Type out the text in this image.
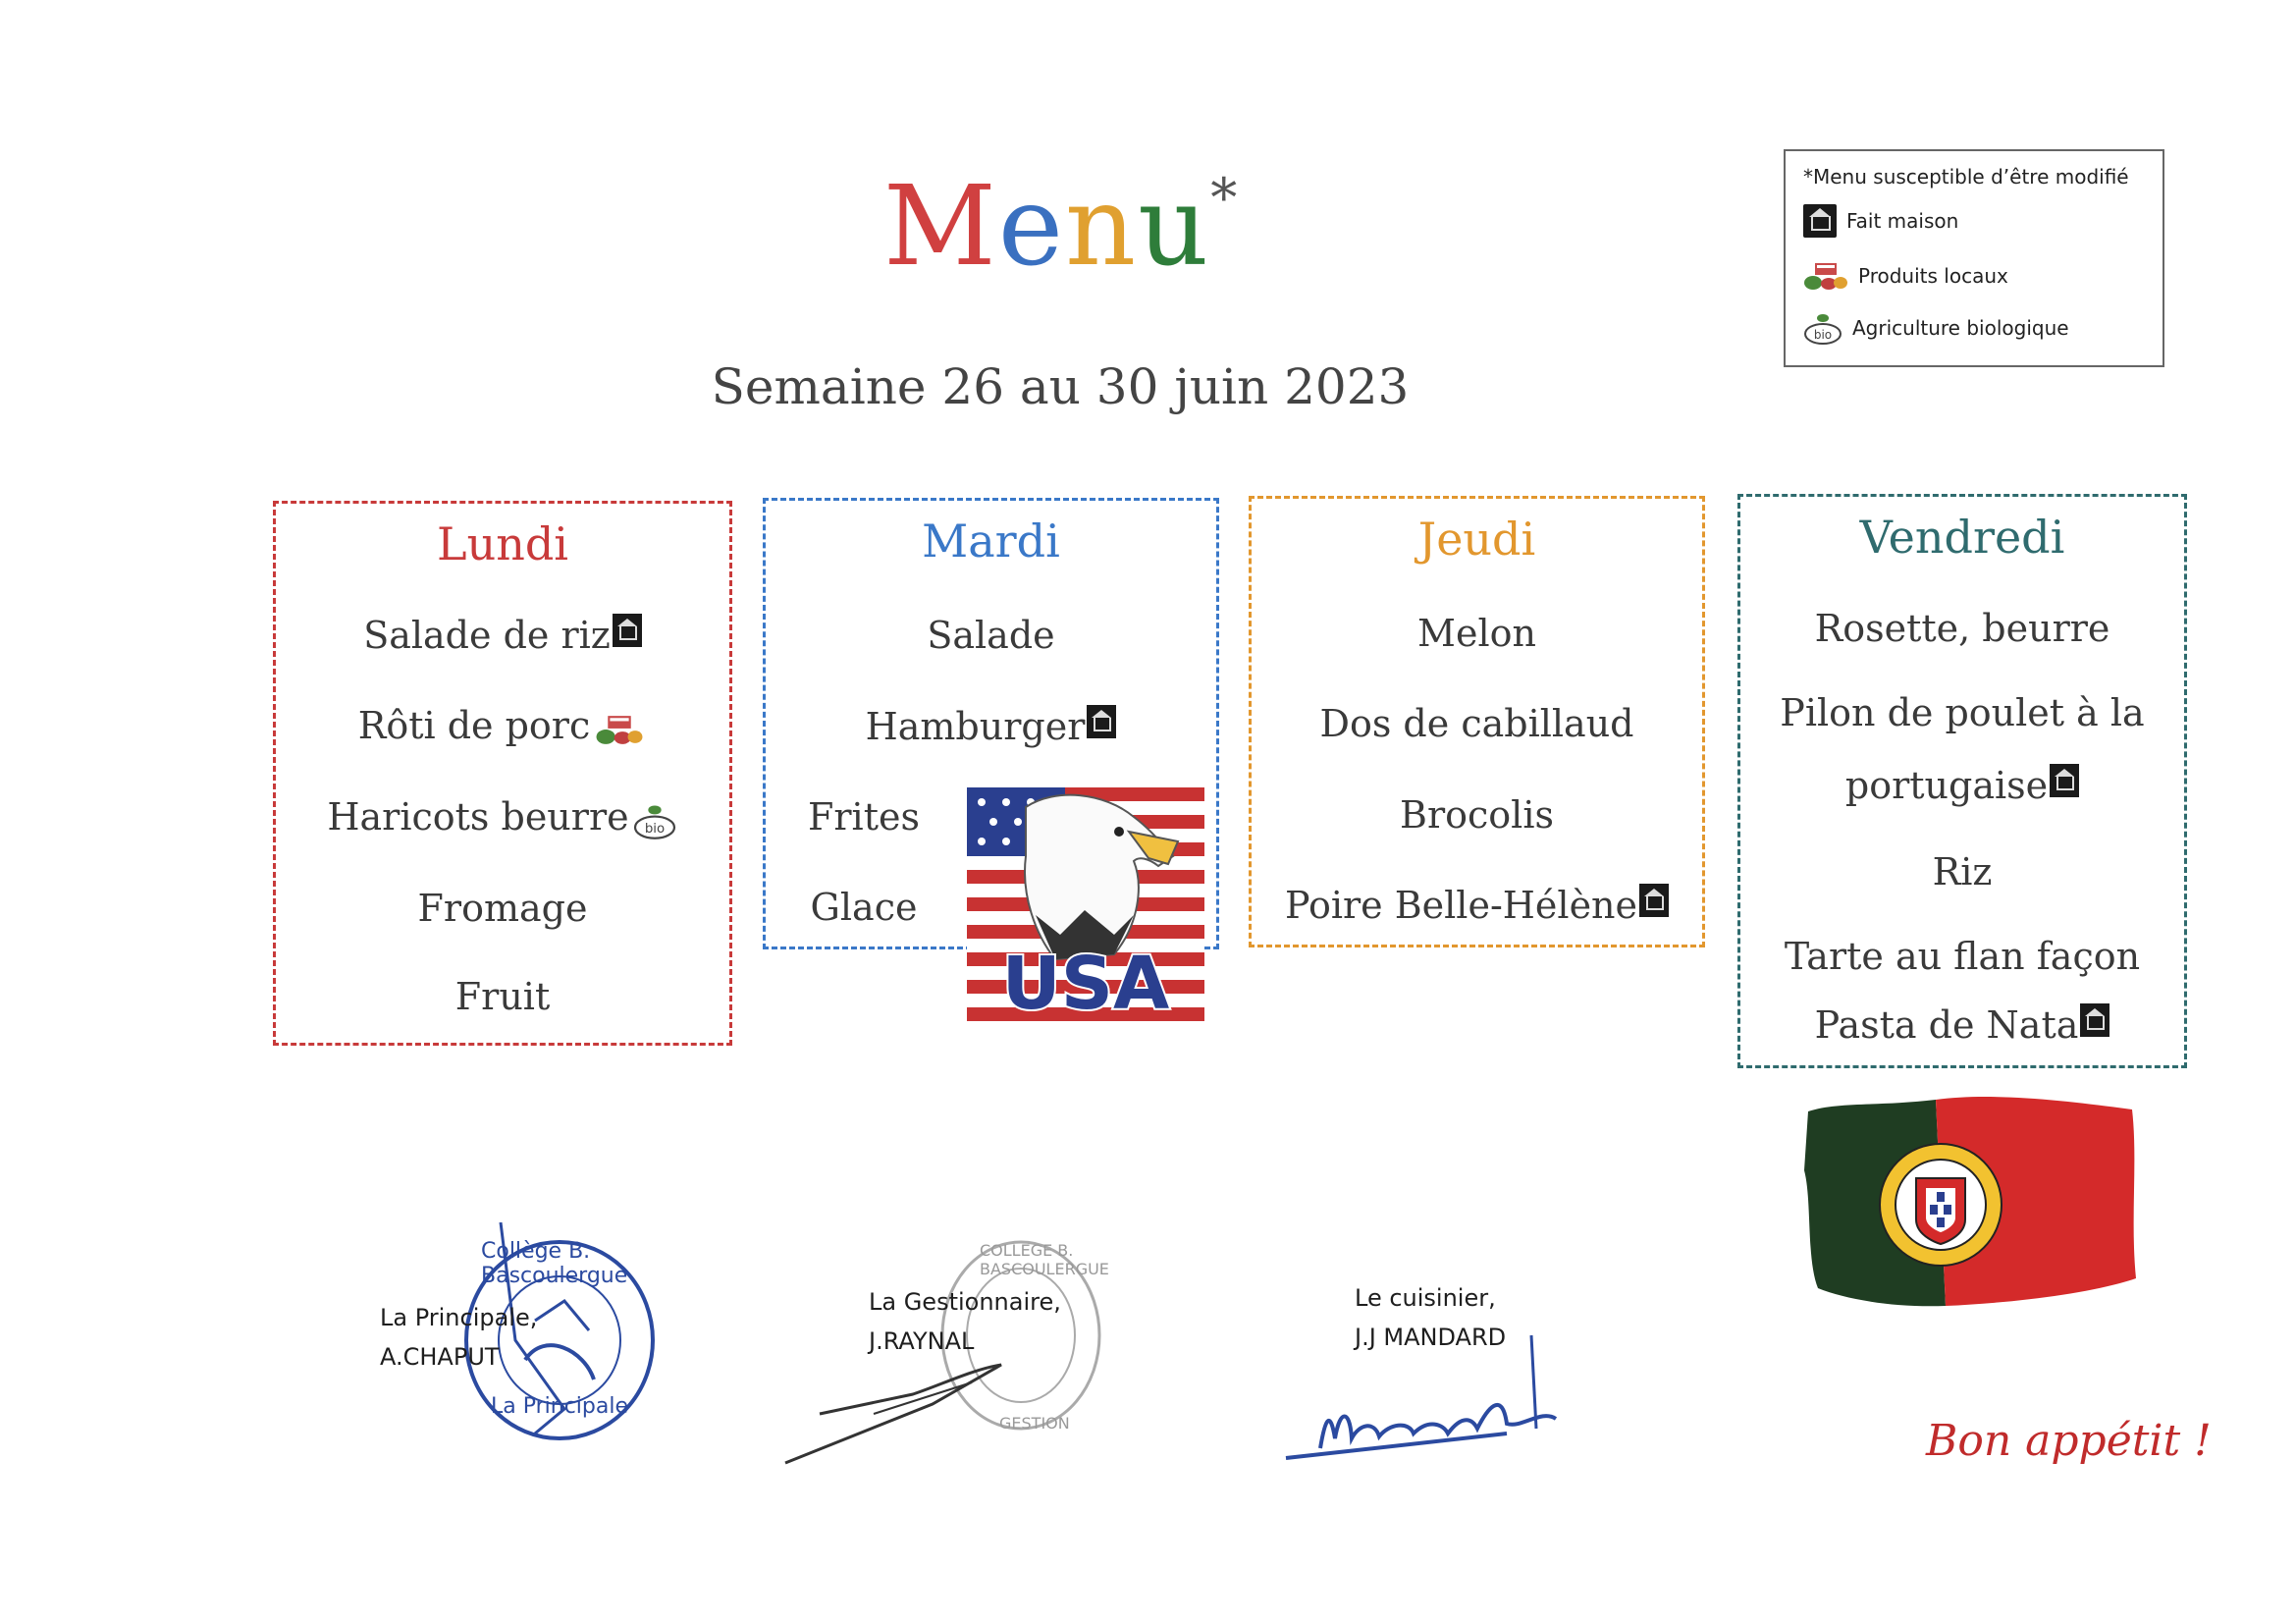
Menu*
Semaine 26 au 30 juin 2023
*Menu susceptible d’être modifié
Fait maison
Produits locaux
bio Agriculture biologique
Lundi
Salade de riz
Rôti de porc
Haricots beurre bio
Fromage
Fruit
Mardi
Salade
Hamburger
Frites
Glace
USA
Jeudi
Melon
Dos de cabillaud
Brocolis
Poire Belle-Hélène
Vendredi
Rosette, beurre
Pilon de poulet à la
portugaise
Riz
Tarte au flan façon
Pasta de Nata
Collège B. Bascoulergue
La Principale
La Principale,
A.CHAPUT
COLLEGE B. BASCOULERGUE
GESTION
La Gestionnaire,
J.RAYNAL
Le cuisinier,
J.J MANDARD
Bon appétit !
